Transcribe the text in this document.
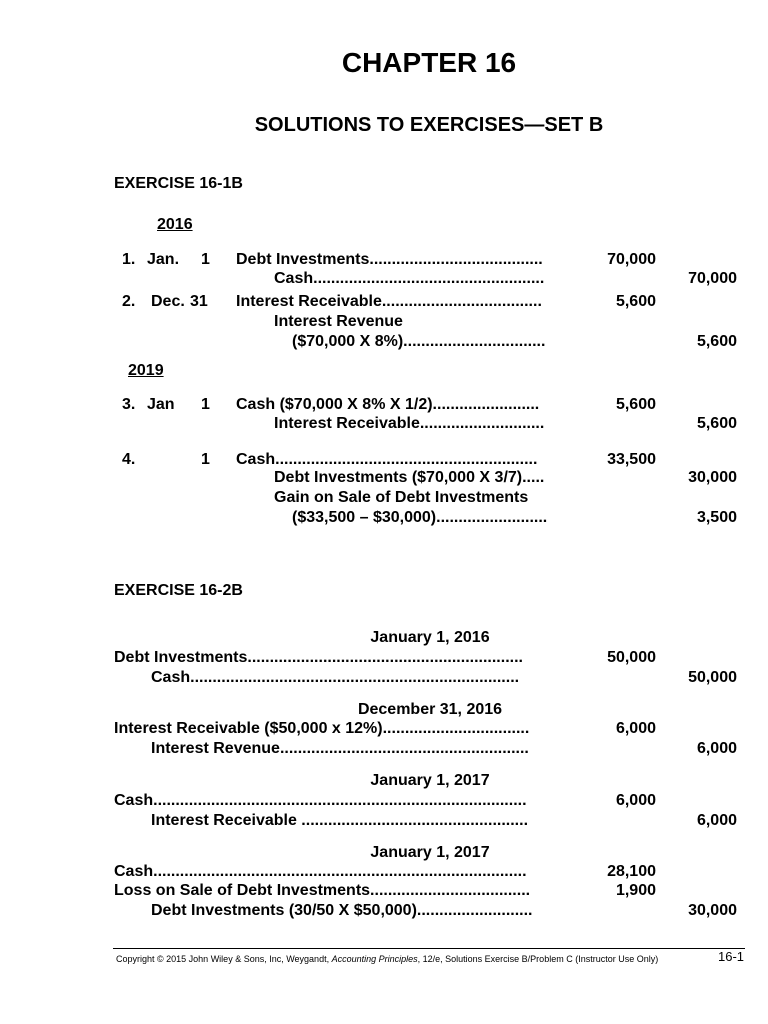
CHAPTER 16
SOLUTIONS TO EXERCISES—SET B
EXERCISE 16-1B
2016
1. Jan. 1 Debt Investments.......................................	70,000
Cash....................................................	70,000
2. Dec. 31 Interest Receivable....................................	5,600
Interest Revenue
($70,000 X 8%)................................	5,600
2019
3. Jan 1 Cash ($70,000 X 8% X 1/2)........................	5,600
Interest Receivable............................	5,600
4.	1 Cash...........................................................	33,500
Debt Investments ($70,000 X 3/7).....	30,000
Gain on Sale of Debt Investments
($33,500 – $30,000).........................	3,500
EXERCISE 16-2B
January 1, 2016
Debt Investments..............................................................	50,000
Cash..........................................................................	50,000
December 31, 2016
Interest Receivable ($50,000 x 12%).................................	6,000
Interest Revenue........................................................	6,000
January 1, 2017
Cash....................................................................................	6,000
Interest Receivable ...................................................	6,000
January 1, 2017
Cash....................................................................................	28,100
Loss on Sale of Debt Investments....................................	1,900
Debt Investments (30/50 X $50,000)..........................	30,000
Copyright © 2015 John Wiley & Sons, Inc, Weygandt, Accounting Principles, 12/e, Solutions Exercise B/Problem C (Instructor Use Only)	16-1
